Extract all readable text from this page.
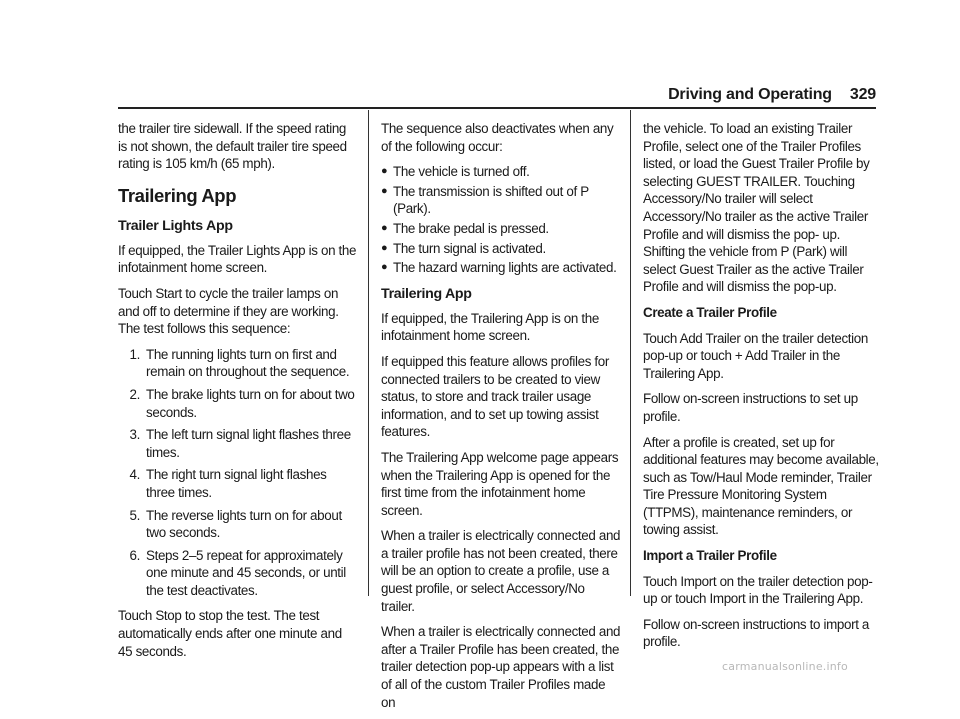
Driving and Operating 329

the trailer tire sidewall. If the speed rating is not shown, the default trailer tire speed rating is 105 km/h (65 mph).

Trailering App
Trailer Lights App

If equipped, the Trailer Lights App is on the infotainment home screen.

Touch Start to cycle the trailer lamps on and off to determine if they are working. The test follows this sequence:

1. The running lights turn on first and remain on throughout the sequence.
2. The brake lights turn on for about two seconds.
3. The left turn signal light flashes three times.
4. The right turn signal light flashes three times.
5. The reverse lights turn on for about two seconds.
6. Steps 2–5 repeat for approximately one minute and 45 seconds, or until the test deactivates.

Touch Stop to stop the test. The test automatically ends after one minute and 45 seconds.

The sequence also deactivates when any of the following occur:

● The vehicle is turned off.
● The transmission is shifted out of P (Park).
● The brake pedal is pressed.
● The turn signal is activated.
● The hazard warning lights are activated.
Trailering App

If equipped, the Trailering App is on the infotainment home screen.

If equipped this feature allows profiles for connected trailers to be created to view status, to store and track trailer usage information, and to set up towing assist features.

The Trailering App welcome page appears when the Trailering App is opened for the first time from the infotainment home screen.

When a trailer is electrically connected and a trailer profile has not been created, there will be an option to create a profile, use a guest profile, or select Accessory/No trailer.

When a trailer is electrically connected and after a Trailer Profile has been created, the trailer detection pop-up appears with a list of all of the custom Trailer Profiles made on

the vehicle. To load an existing Trailer Profile, select one of the Trailer Profiles listed, or load the Guest Trailer Profile by selecting GUEST TRAILER. Touching Accessory/No trailer will select Accessory/No trailer as the active Trailer Profile and will dismiss the pop- up. Shifting the vehicle from P (Park) will select Guest Trailer as the active Trailer Profile and will dismiss the pop-up.

Create a Trailer Profile

Touch Add Trailer on the trailer detection pop-up or touch + Add Trailer in the Trailering App.

Follow on-screen instructions to set up profile.

After a profile is created, set up for additional features may become available, such as Tow/Haul Mode reminder, Trailer Tire Pressure Monitoring System (TTPMS), maintenance reminders, or towing assist.

Import a Trailer Profile

Touch Import on the trailer detection pop-up or touch Import in the Trailering App.

Follow on-screen instructions to import a profile.

carmanualsonline.info
